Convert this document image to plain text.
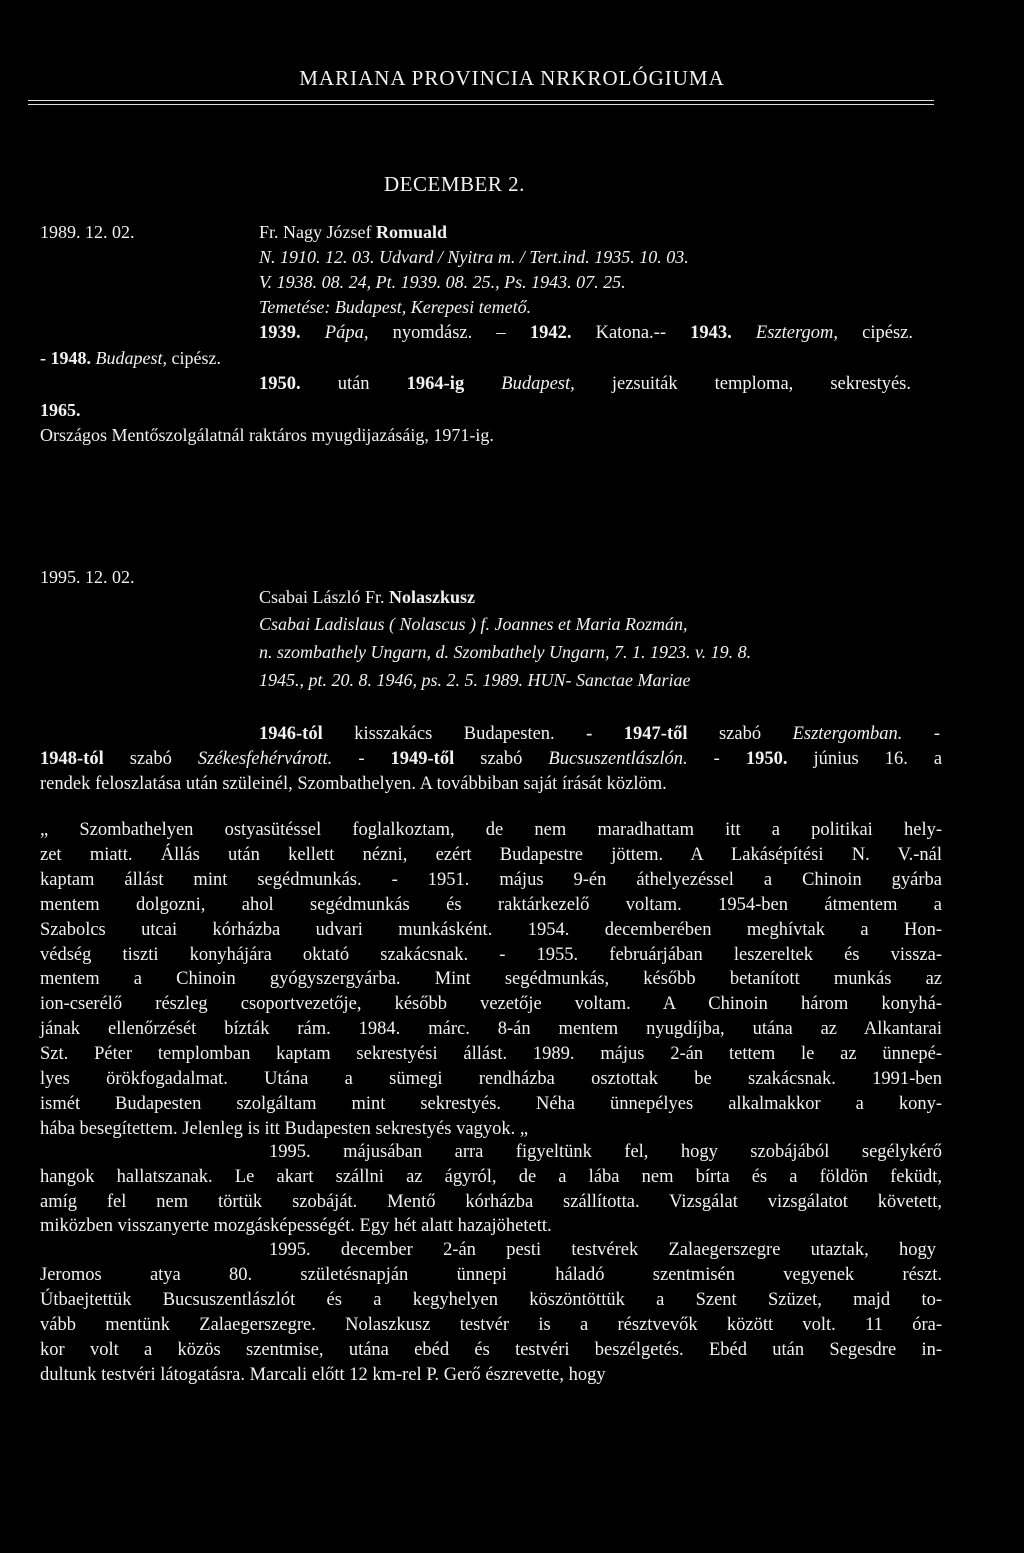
MARIANA PROVINCIA NRKROLÓGIUMA
DECEMBER 2.
1989. 12. 02.	Fr. Nagy József Romuald
N. 1910. 12. 03. Udvard / Nyitra m. / Tert.ind. 1935. 10. 03.
V. 1938. 08. 24, Pt. 1939. 08. 25., Ps. 1943. 07. 25.
Temetése: Budapest, Kerepesi temető.
1939. Pápa, nyomdász. – 1942. Katona.-- 1943. Esztergom, cipész.
- 1948. Budapest, cipész.
1950. után 1964-ig Budapest, jezsuiták temploma, sekrestyés.
1965.
Országos Mentőszolgálatnál raktáros myugdijazásáig, 1971-ig.
1995. 12. 02.
Csabai László Fr. Nolaszkusz
Csabai Ladislaus ( Nolascus ) f. Joannes et Maria Rozmán,
n. szombathely Ungarn, d. Szombathely Ungarn, 7. 1. 1923. v. 19. 8.
1945., pt. 20. 8. 1946, ps. 2. 5. 1989. HUN- Sanctae Mariae
1946-tól kisszakács Budapesten. - 1947-től szabó Esztergomban. -
1948-tól szabó Székesfehérvárott. - 1949-től szabó Bucsuszentlászlón. - 1950. június 16. a
rendek feloszlatása után szüleinél, Szombathelyen. A továbbiban saját írását közlöm.
„ Szombathelyen ostyasütéssel foglalkoztam, de nem maradhattam itt a politikai hely-
zet miatt. Állás után kellett nézni, ezért Budapestre jöttem. A Lakásépítési N. V.-nál
kaptam állást mint segédmunkás. - 1951. május 9-én áthelyezéssel a Chinoin gyárba
mentem dolgozni, ahol segédmunkás és raktárkezelő voltam. 1954-ben átmentem a
Szabolcs utcai kórházba udvari munkásként. 1954. decemberében meghívtak a Hon-
védség tiszti konyhájára oktató szakácsnak. - 1955. februárjában leszereltek és vissza-
mentem a Chinoin gyógyszergyárba. Mint segédmunkás, később betanított munkás az
ion-cserélő részleg csoportvezetője, később vezetője voltam. A Chinoin három konyhá-
jának ellenőrzését bízták rám. 1984. márc. 8-án mentem nyugdíjba, utána az Alkantarai
Szt. Péter templomban kaptam sekrestyési állást. 1989. május 2-án tettem le az ünnepé-
lyes örökfogadalmat. Utána a sümegi rendházba osztottak be szakácsnak. 1991-ben
ismét Budapesten szolgáltam mint sekrestyés. Néha ünnepélyes alkalmakkor a kony-
hába besegítettem. Jelenleg is itt Budapesten sekrestyés vagyok. „
1995. májusában arra figyeltünk fel, hogy szobájából segélykérő
hangok hallatszanak. Le akart szállni az ágyról, de a lába nem bírta és a földön feküdt,
amíg fel nem törtük szobáját. Mentő kórházba szállította. Vizsgálat vizsgálatot követett,
miközben visszanyerte mozgásképességét. Egy hét alatt hazajöhetett.
1995. december 2-án pesti testvérek Zalaegerszegre utaztak, hogy
Jeromos atya 80. születésnapján ünnepi háladó szentmisén vegyenek részt.
Útbaejtettük Bucsuszentlászlót és a kegyhelyen köszöntöttük a Szent Szüzet, majd to-
vább mentünk Zalaegerszegre. Nolaszkusz testvér is a résztvevők között volt. 11 óra-
kor volt a közös szentmise, utána ebéd és testvéri beszélgetés. Ebéd után Segesdre in-
dultunk testvéri látogatásra. Marcali előtt 12 km-rel P. Gerő észrevette, hogy
